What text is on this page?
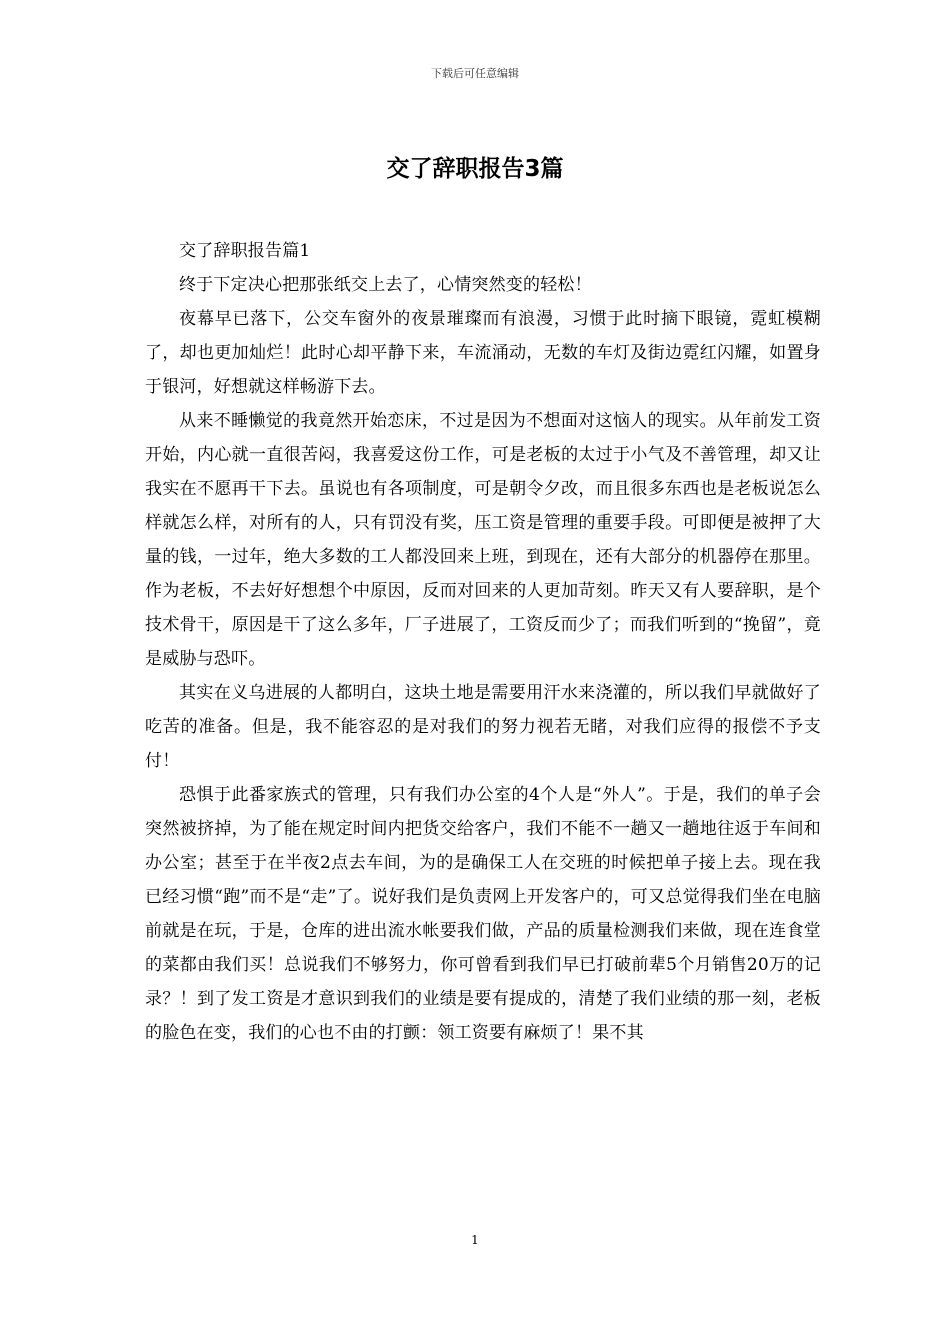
下载后可任意编辑
交了辞职报告3篇

交了辞职报告篇1

终于下定决心把那张纸交上去了，心情突然变的轻松！

夜幕早已落下，公交车窗外的夜景璀璨而有浪漫，习惯于此时摘下眼镜，霓虹模糊了，却也更加灿烂！此时心却平静下来，车流涌动，无数的车灯及街边霓红闪耀，如置身于银河，好想就这样畅游下去。

从来不睡懒觉的我竟然开始恋床，不过是因为不想面对这恼人的现实。从年前发工资开始，内心就一直很苦闷，我喜爱这份工作，可是老板的太过于小气及不善管理，却又让我实在不愿再干下去。虽说也有各项制度，可是朝令夕改，而且很多东西也是老板说怎么样就怎么样，对所有的人，只有罚没有奖，压工资是管理的重要手段。可即便是被押了大量的钱，一过年，绝大多数的工人都没回来上班，到现在，还有大部分的机器停在那里。作为老板，不去好好想想个中原因，反而对回来的人更加苛刻。昨天又有人要辞职，是个技术骨干，原因是干了这么多年，厂子进展了，工资反而少了；而我们听到的“挽留”，竟是威胁与恐吓。

其实在义乌进展的人都明白，这块土地是需要用汗水来浇灌的，所以我们早就做好了吃苦的准备。但是，我不能容忍的是对我们的努力视若无睹，对我们应得的报偿不予支付！

恐惧于此番家族式的管理，只有我们办公室的4个人是“外人”。于是，我们的单子会突然被挤掉，为了能在规定时间内把货交给客户，我们不能不一趟又一趟地往返于车间和办公室；甚至于在半夜2点去车间，为的是确保工人在交班的时候把单子接上去。现在我已经习惯“跑”而不是“走”了。说好我们是负责网上开发客户的，可又总觉得我们坐在电脑前就是在玩，于是，仓库的进出流水帐要我们做，产品的质量检测我们来做，现在连食堂的菜都由我们买！总说我们不够努力，你可曾看到我们早已打破前辈5个月销售20万的记录？！到了发工资是才意识到我们的业绩是要有提成的，清楚了我们业绩的那一刻，老板的脸色在变，我们的心也不由的打颤：领工资要有麻烦了！果不其

1
